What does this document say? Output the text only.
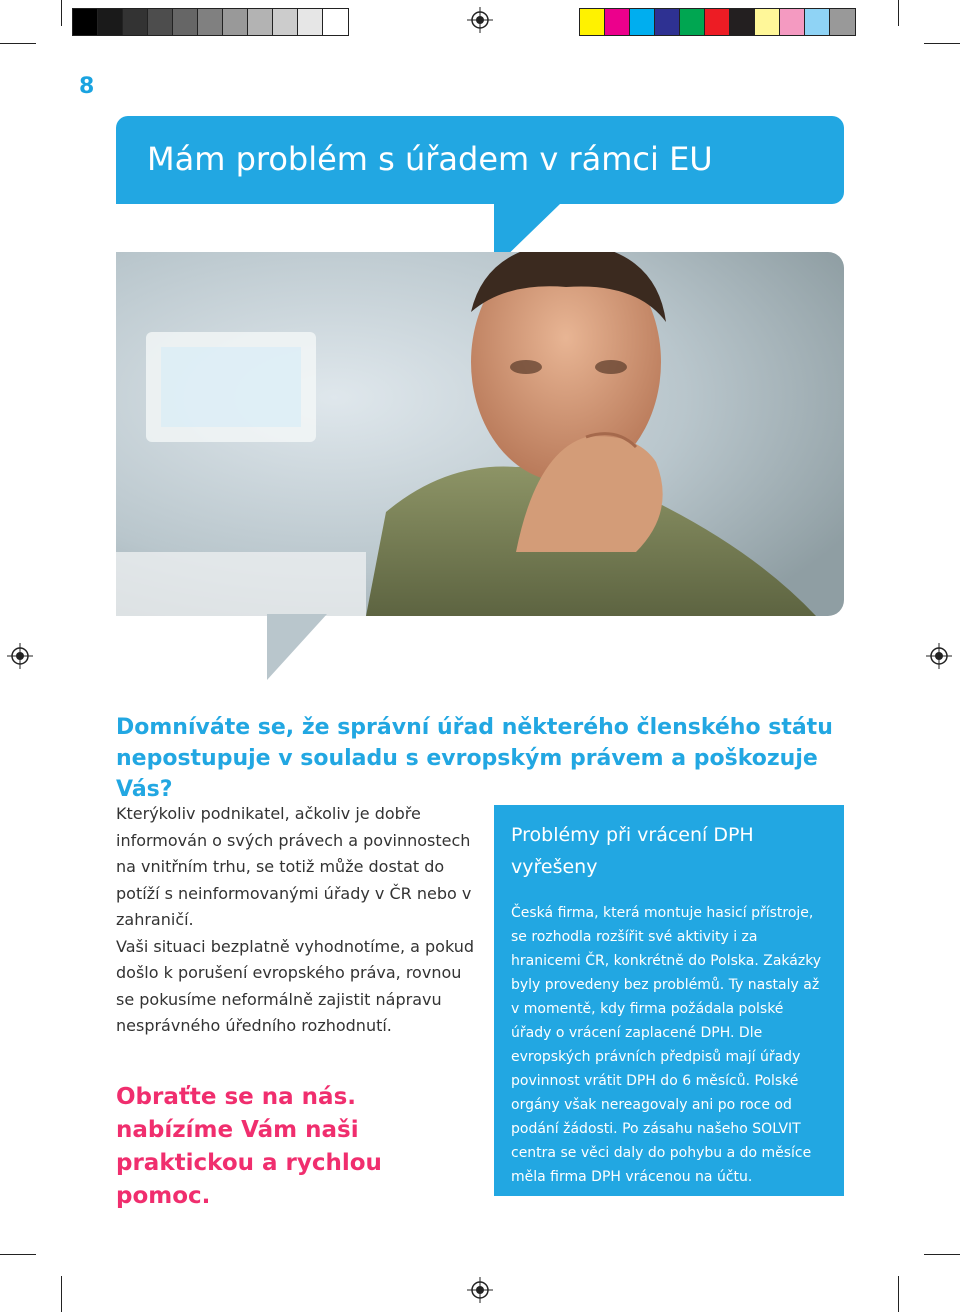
8
Mám problém s úřadem v rámci EU
Domníváte se, že správní úřad některého členského státu nepostupuje v souladu s evropským právem a poškozuje Vás?

Kterýkoliv podnikatel, ačkoliv je dobře informován o svých právech a povinnostech na vnitřním trhu, se totiž může dostat do potíží s neinformovanými úřady v ČR nebo v zahraničí.

Vaši situaci bezplatně vyhodnotíme, a pokud došlo k porušení evropského práva, rovnou se pokusíme neformálně zajistit nápravu nesprávného úředního rozhodnutí.

Obraťte se na nás. nabízíme Vám naši praktickou a rychlou pomoc.
Problémy při vrácení DPH vyřešeny

Česká firma, která montuje hasicí přístroje, se rozhodla rozšířit své aktivity i za hranicemi ČR, konkrétně do Polska. Zakázky byly provedeny bez problémů. Ty nastaly až v momentě, kdy firma požádala polské úřady o vrácení zaplacené DPH. Dle evropských právních předpisů mají úřady povinnost vrátit DPH do 6 měsíců. Polské orgány však nereagovaly ani po roce od podání žádosti. Po zásahu našeho SOLVIT centra se věci daly do pohybu a do měsíce měla firma DPH vrácenou na účtu.
